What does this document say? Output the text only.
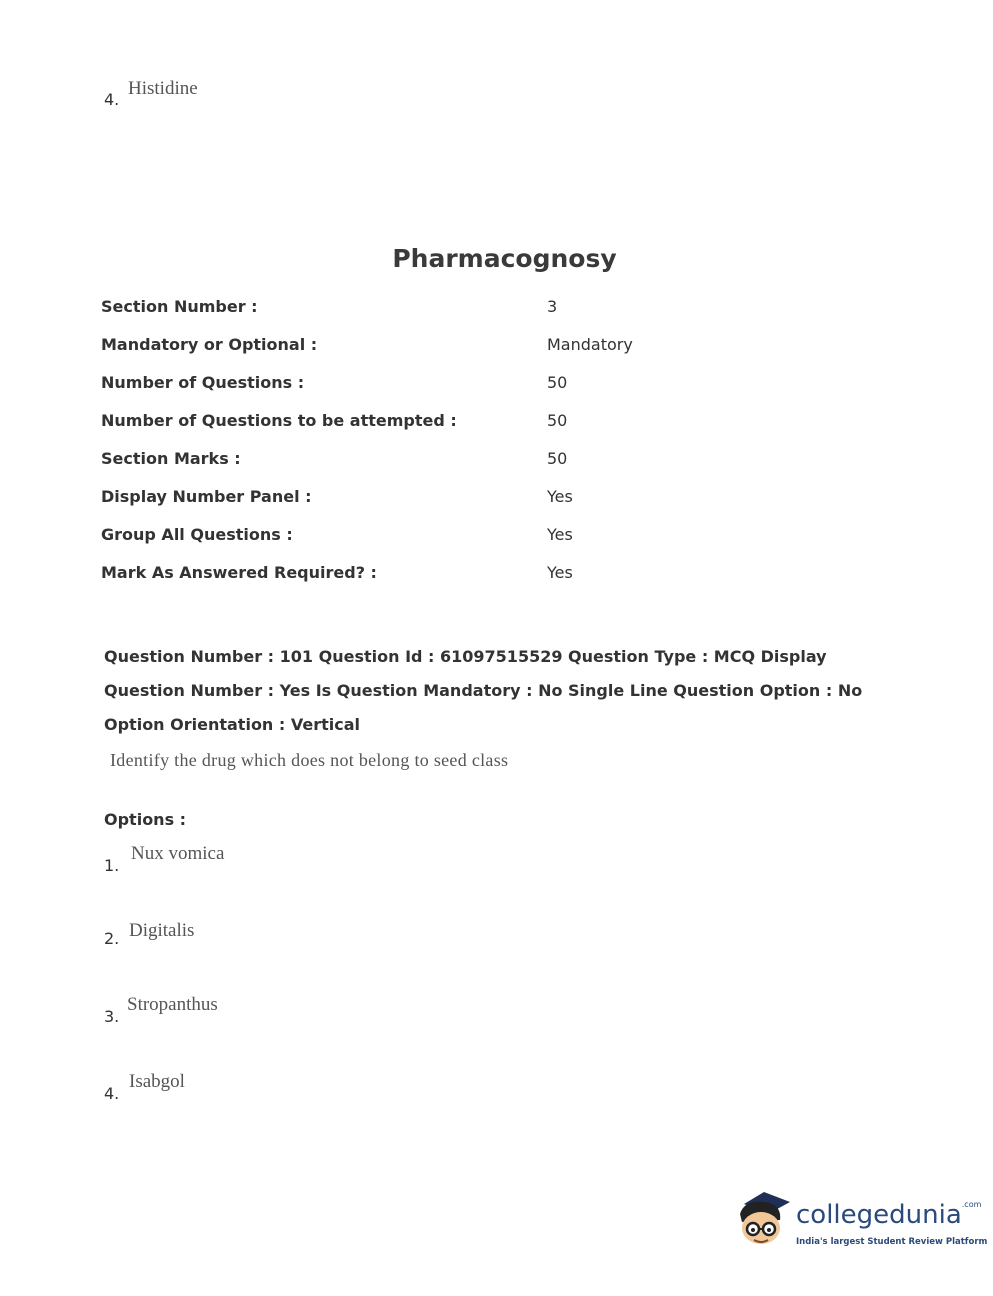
4.
Histidine
Pharmacognosy
Section Number :	3
Mandatory or Optional :	Mandatory
Number of Questions :	50
Number of Questions to be attempted :	50
Section Marks :	50
Display Number Panel :	Yes
Group All Questions :	Yes
Mark As Answered Required? :	Yes
Question Number : 101 Question Id : 61097515529 Question Type : MCQ Display Question Number : Yes Is Question Mandatory : No Single Line Question Option : No Option Orientation : Vertical
Identify the drug which does not belong to seed class
Options :
1.
Nux vomica
2. Digitalis
3.
Stropanthus
4.
Isabgol
collegedunia$^{.com}$
India's largest Student Review Platform
